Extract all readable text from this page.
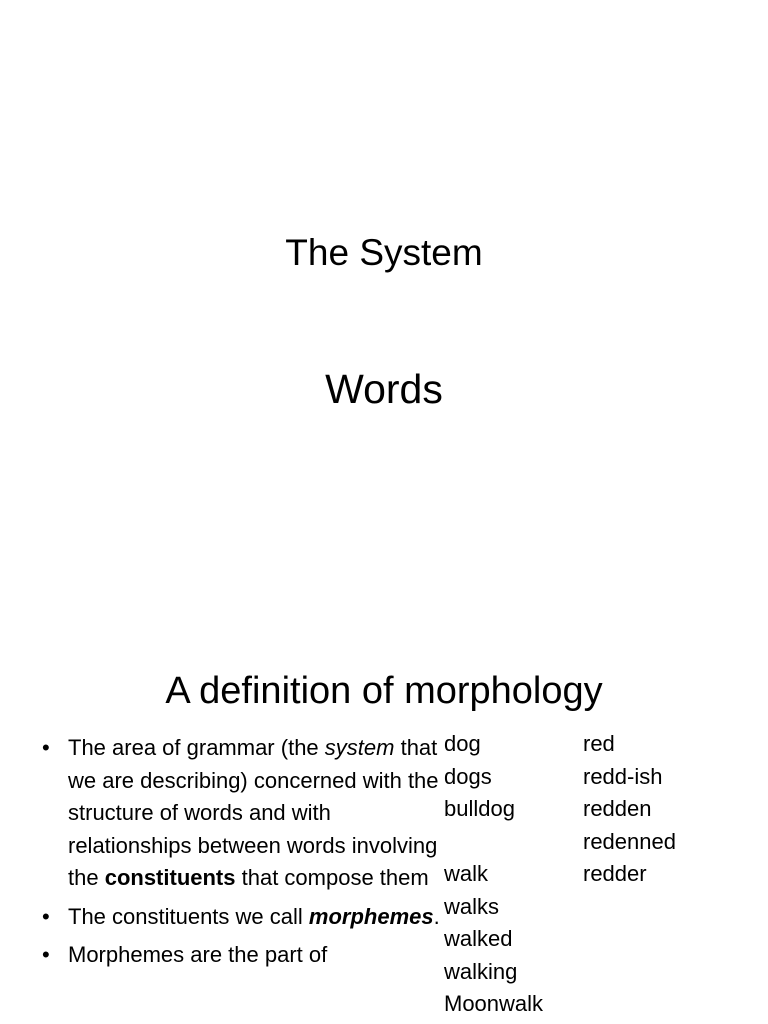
The System
Words
A definition of morphology
• The area of grammar (the system that we are describing) concerned with the structure of words and with relationships between words involving the constituents that compose them
• The constituents we call morphemes.
• Morphemes are the part of
dog
dogs
bulldog
walk
walks
walked
walking
Moonwalk
red
redd-ish
redden
redenned
redder
